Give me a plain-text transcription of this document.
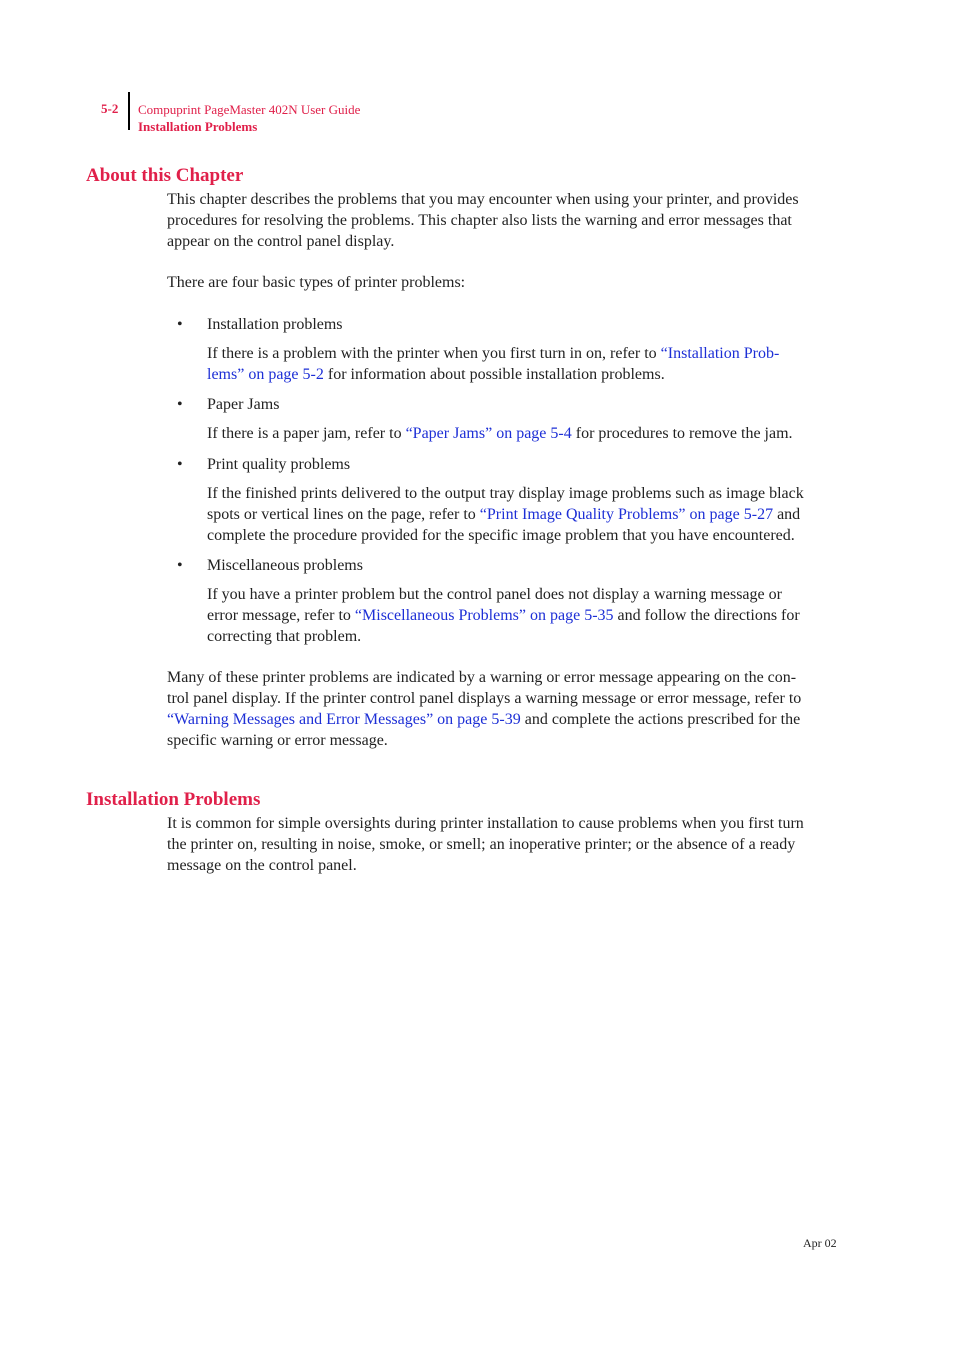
5-2 Compuprint PageMaster 402N User Guide
Installation Problems
About this Chapter
This chapter describes the problems that you may encounter when using your printer, and provides
procedures for resolving the problems. This chapter also lists the warning and error messages that
appear on the control panel display.
There are four basic types of printer problems:
• Installation problems
If there is a problem with the printer when you first turn in on, refer to “Installation Prob-
lems” on page 5-2 for information about possible installation problems.
• Paper Jams
If there is a paper jam, refer to “Paper Jams” on page 5-4 for procedures to remove the jam.
• Print quality problems
If the finished prints delivered to the output tray display image problems such as image black
spots or vertical lines on the page, refer to “Print Image Quality Problems” on page 5-27 and
complete the procedure provided for the specific image problem that you have encountered.
• Miscellaneous problems
If you have a printer problem but the control panel does not display a warning message or
error message, refer to “Miscellaneous Problems” on page 5-35 and follow the directions for
correcting that problem.
Many of these printer problems are indicated by a warning or error message appearing on the con-
trol panel display. If the printer control panel displays a warning message or error message, refer to
“Warning Messages and Error Messages” on page 5-39 and complete the actions prescribed for the
specific warning or error message.
Installation Problems
It is common for simple oversights during printer installation to cause problems when you first turn
the printer on, resulting in noise, smoke, or smell; an inoperative printer; or the absence of a ready
message on the control panel.
Apr 02
